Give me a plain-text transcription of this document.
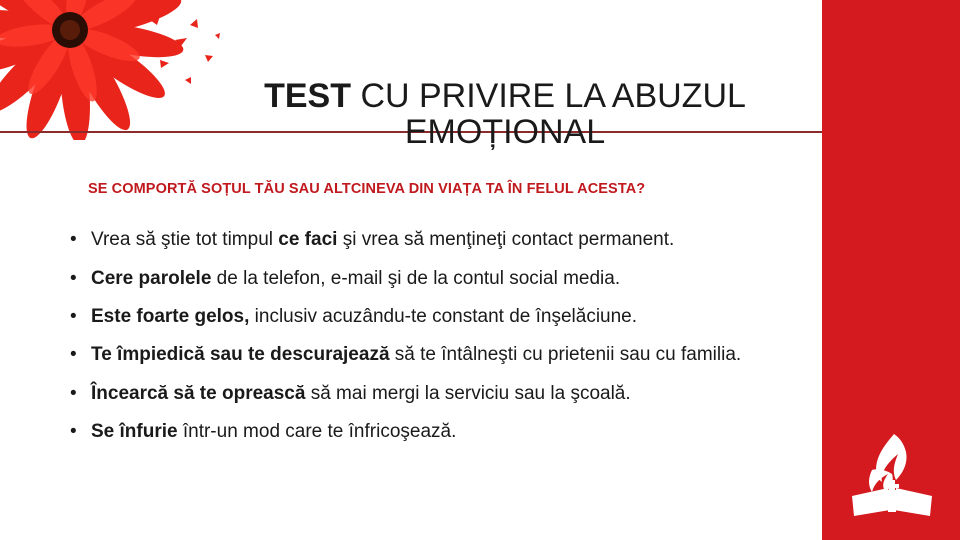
TEST CU PRIVIRE LA ABUZUL EMOȚIONAL
SE COMPORTĂ SOȚUL TĂU SAU ALTCINEVA DIN VIAȚA TA ÎN FELUL ACESTA?
• Vrea să ştie tot timpul ce faci şi vrea să menţineţi contact permanent.
• Cere parolele de la telefon, e-mail şi de la contul social media.
• Este foarte gelos, inclusiv acuzându-te constant de înşelăciune.
• Te împiedică sau te descurajează să te întâlneşti cu prietenii sau cu familia.
• Încearcă să te oprească să mai mergi la serviciu sau la şcoală.
• Se înfurie într-un mod care te înfricoşează.
